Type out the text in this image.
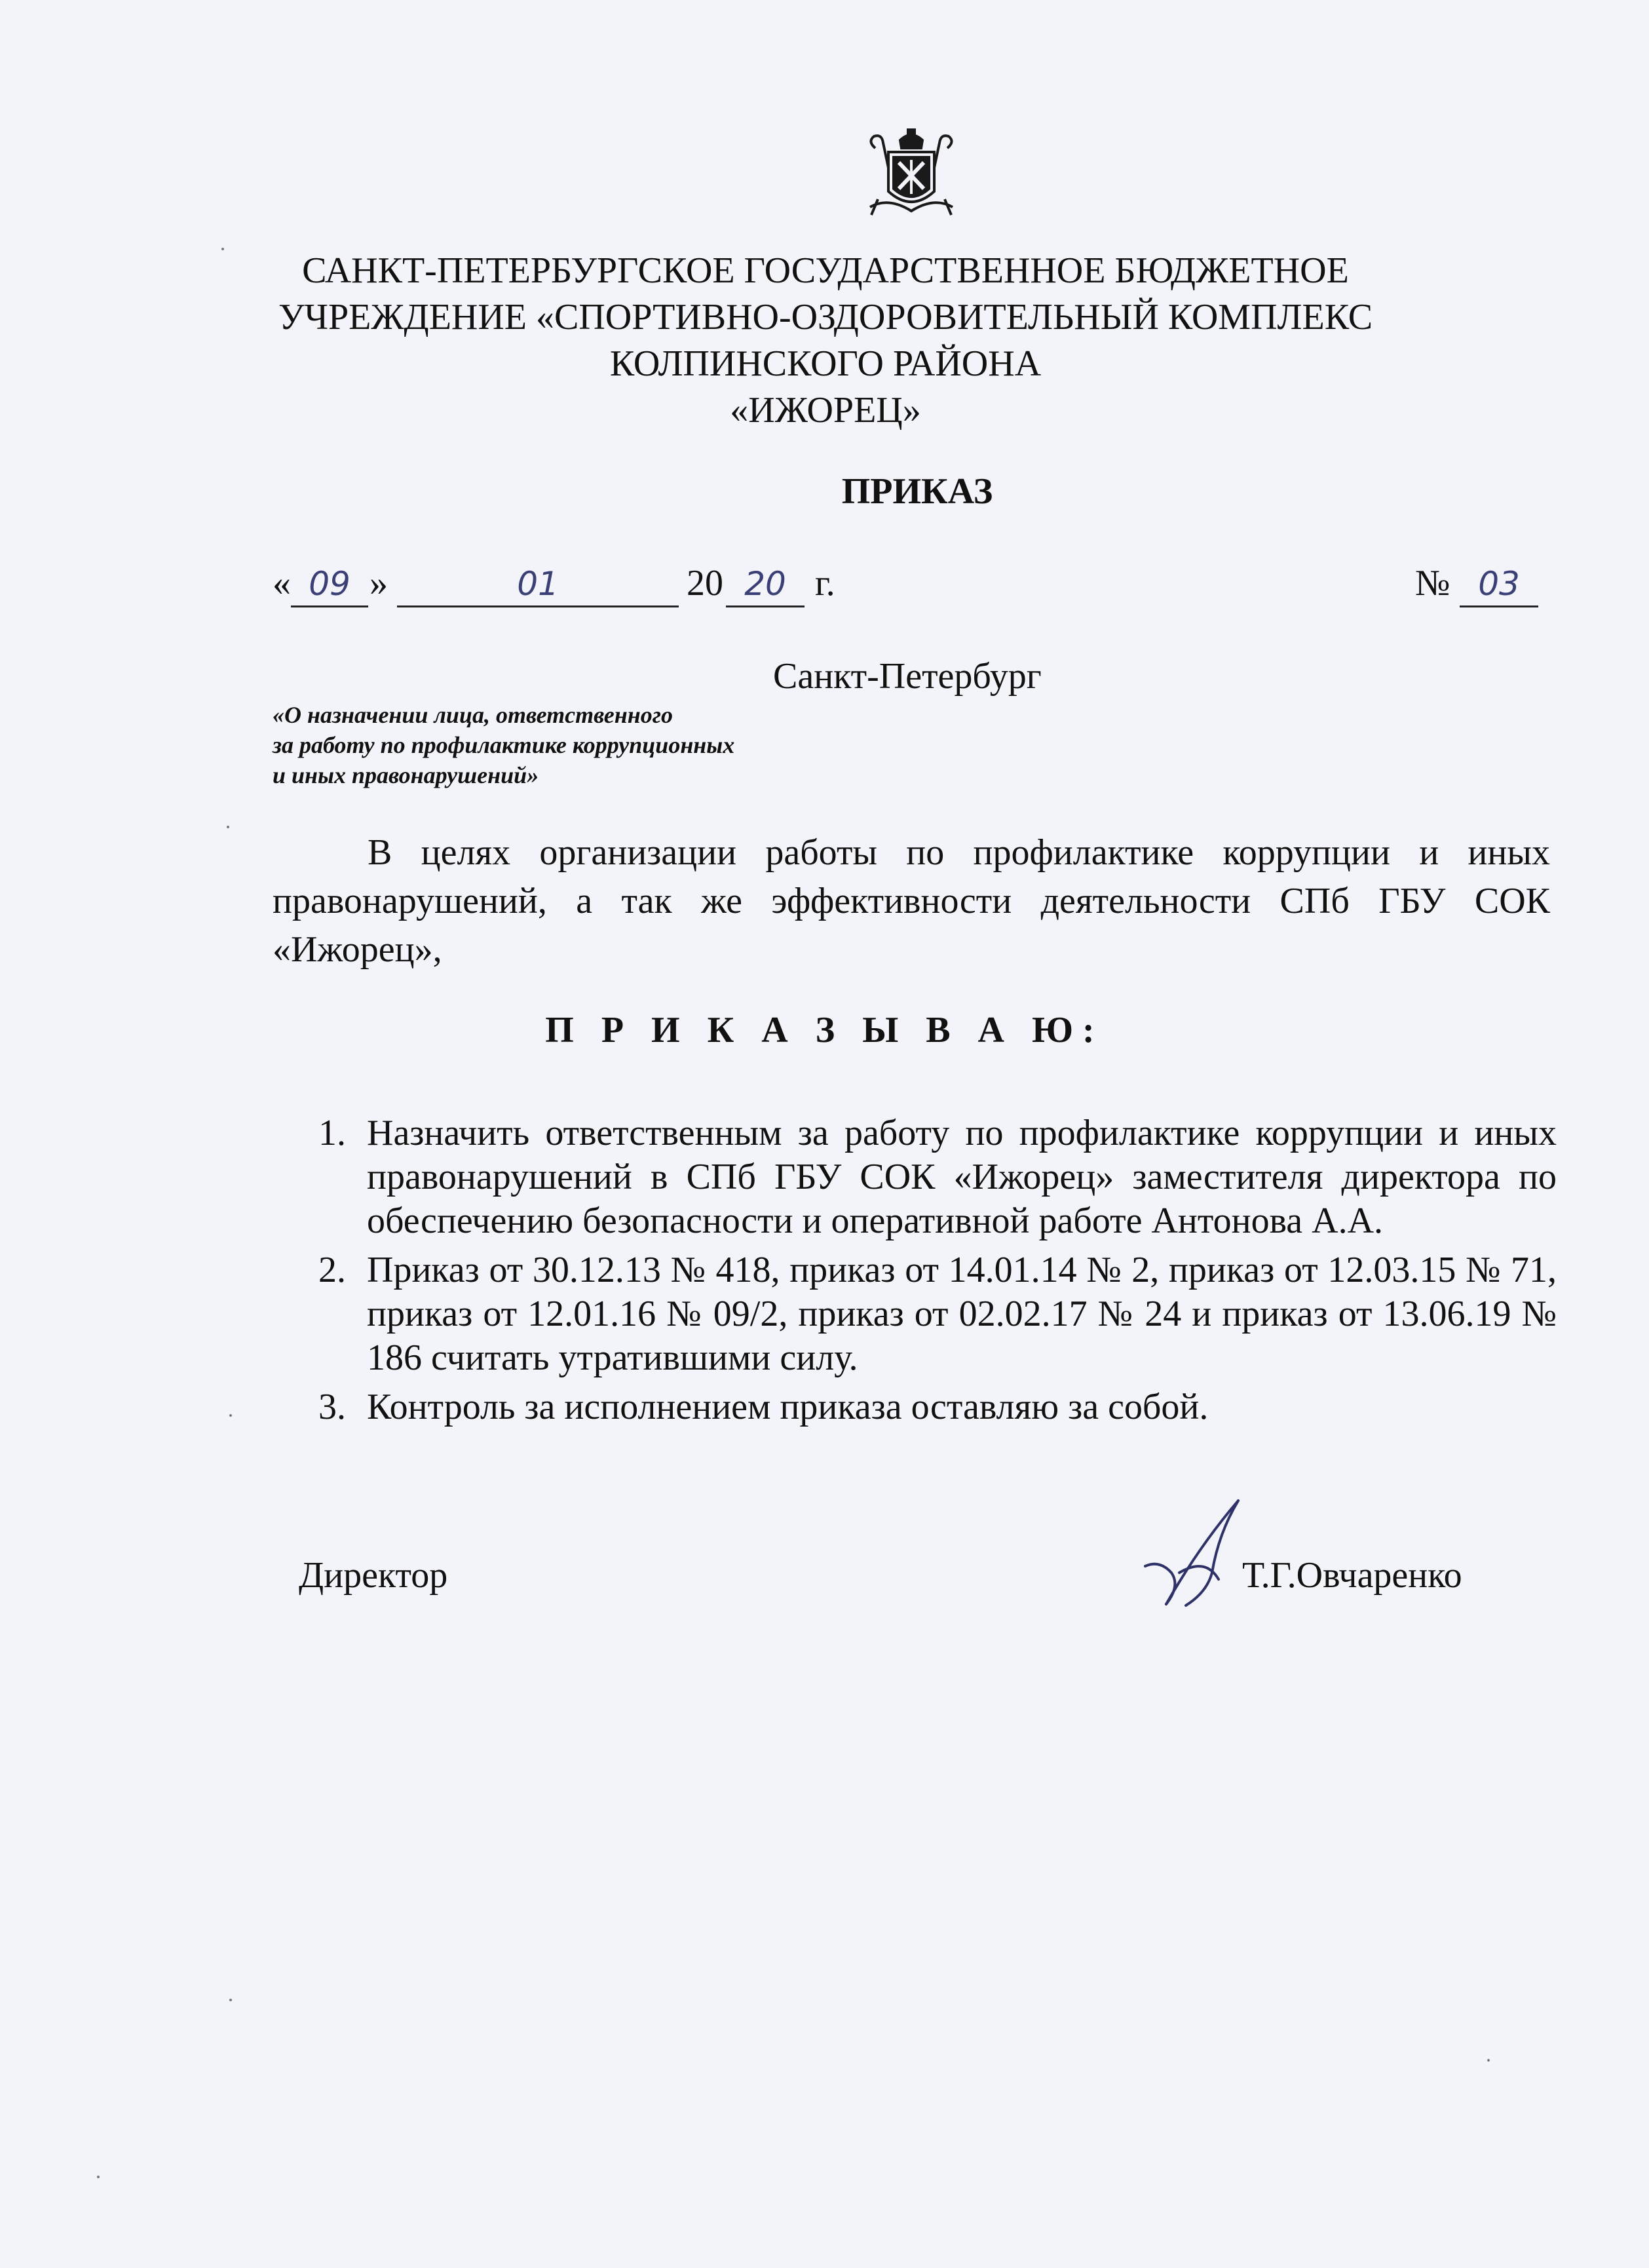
САНКТ-ПЕТЕРБУРГСКОЕ ГОСУДАРСТВЕННОЕ БЮДЖЕТНОЕ
УЧРЕЖДЕНИЕ «СПОРТИВНО-ОЗДОРОВИТЕЛЬНЫЙ КОМПЛЕКС
КОЛПИНСКОГО РАЙОНА
«ИЖОРЕЦ»
ПРИКАЗ
« 09 »	01	20 20 г.	№ 03
Санкт-Петербург
«О назначении лица, ответственного
за работу по профилактике коррупционных
и иных правонарушений»
В целях организации работы по профилактике коррупции и иных правонарушений, а так же эффективности деятельности СПб ГБУ СОК «Ижорец»,
П Р И К А З Ы В А Ю:
1. Назначить ответственным за работу по профилактике коррупции и иных правонарушений в СПб ГБУ СОК «Ижорец» заместителя директора по обеспечению безопасности и оперативной работе Антонова А.А.
2. Приказ от 30.12.13 № 418, приказ от 14.01.14 № 2, приказ от 12.03.15 № 71, приказ от 12.01.16 № 09/2, приказ от 02.02.17 № 24 и приказ от 13.06.19 № 186 считать утратившими силу.
3. Контроль за исполнением приказа оставляю за собой.
Директор	Т.Г.Овчаренко
